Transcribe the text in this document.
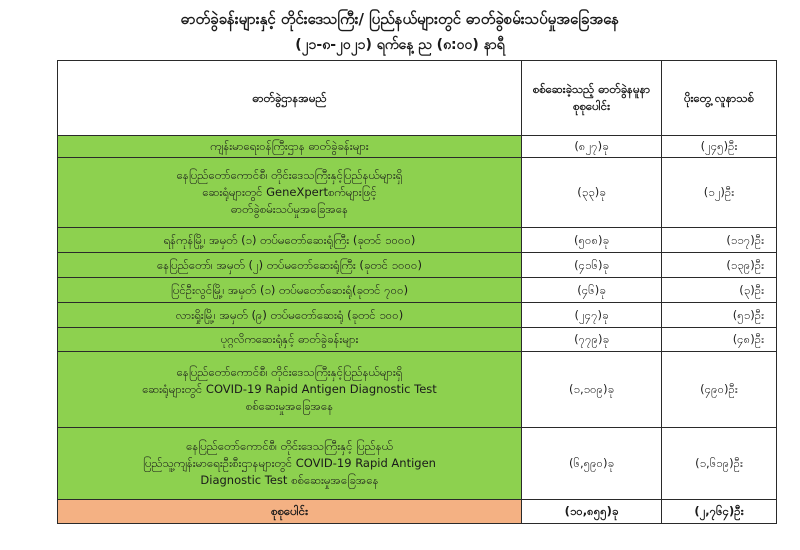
ဓာတ်ခွဲခန်းများနှင့် တိုင်းဒေသကြီး/ ပြည်နယ်များတွင် ဓာတ်ခွဲစမ်းသပ်မှုအခြေအနေ
(၂၁-၈-၂၀၂၁) ရက်နေ့ ည (၈:၀၀) နာရီ
ဓာတ်ခွဲဌာနအမည်	စစ်ဆေးခဲ့သည့် ဓာတ်ခွဲနမူနာ စုစုပေါင်း	ပိုးတွေ့ လူနာသစ်
ကျန်းမာရေးဝန်ကြီးဌာန ဓာတ်ခွဲခန်းများ	(၈၂၇)ခု	(၂၄၅)ဦး

နေပြည်တော်ကောင်စီ၊ တိုင်းဒေသကြီးနှင့်ပြည်နယ်များရှိ
ဆေးရုံများတွင် GeneXpertစက်များဖြင့်
ဓာတ်ခွဲစမ်းသပ်မှုအခြေအနေ	(၃၃)ခု	(၁၂)ဦး
ရန်ကုန်မြို့၊ အမှတ် (၁) တပ်မတော်ဆေးရုံကြီး (ခုတင် ၁၀၀၀)	(၅၀၈)ခု	(၁၁၇)ဦး
နေပြည်တော်၊ အမှတ် (၂) တပ်မတော်ဆေးရုံကြီး (ခုတင် ၁၀၀၀)	(၄၁၆)ခု	(၁၃၉)ဦး
ပြင်ဦးလွင်မြို့၊ အမှတ် (၁) တပ်မတော်ဆေးရုံ(ခုတင် ၇၀၀)	(၄၆)ခု	(၃)ဦး
လားရှိုးမြို့၊ အမှတ် (၉) တပ်မတော်ဆေးရုံ (ခုတင် ၁၀၀)	(၂၄၇)ခု	(၅၁)ဦး
ပုဂ္ဂလိကဆေးရုံနှင့် ဓာတ်ခွဲခန်းများ	(၇၇၉)ခု	(၄၈)ဦး

နေပြည်တော်ကောင်စီ၊ တိုင်းဒေသကြီးနှင့်ပြည်နယ်များရှိ
ဆေးရုံများတွင် COVID-19 Rapid Antigen Diagnostic Test
စစ်ဆေးမှုအခြေအနေ	(၁,၁၀၉)ခု	(၄၉၀)ဦး

နေပြည်တော်ကောင်စီ၊ တိုင်းဒေသကြီးနှင့် ပြည်နယ်
ပြည်သူ့ကျန်းမာရေးဦးစီးဌာနများတွင် COVID-19 Rapid Antigen
Diagnostic Test စစ်ဆေးမှုအခြေအနေ	(၆,၅၉၀)ခု	(၁,၆၁၉)ဦး
စုစုပေါင်း	(၁၀,၈၅၅)ခု	(၂,၇၆၄)ဦး
